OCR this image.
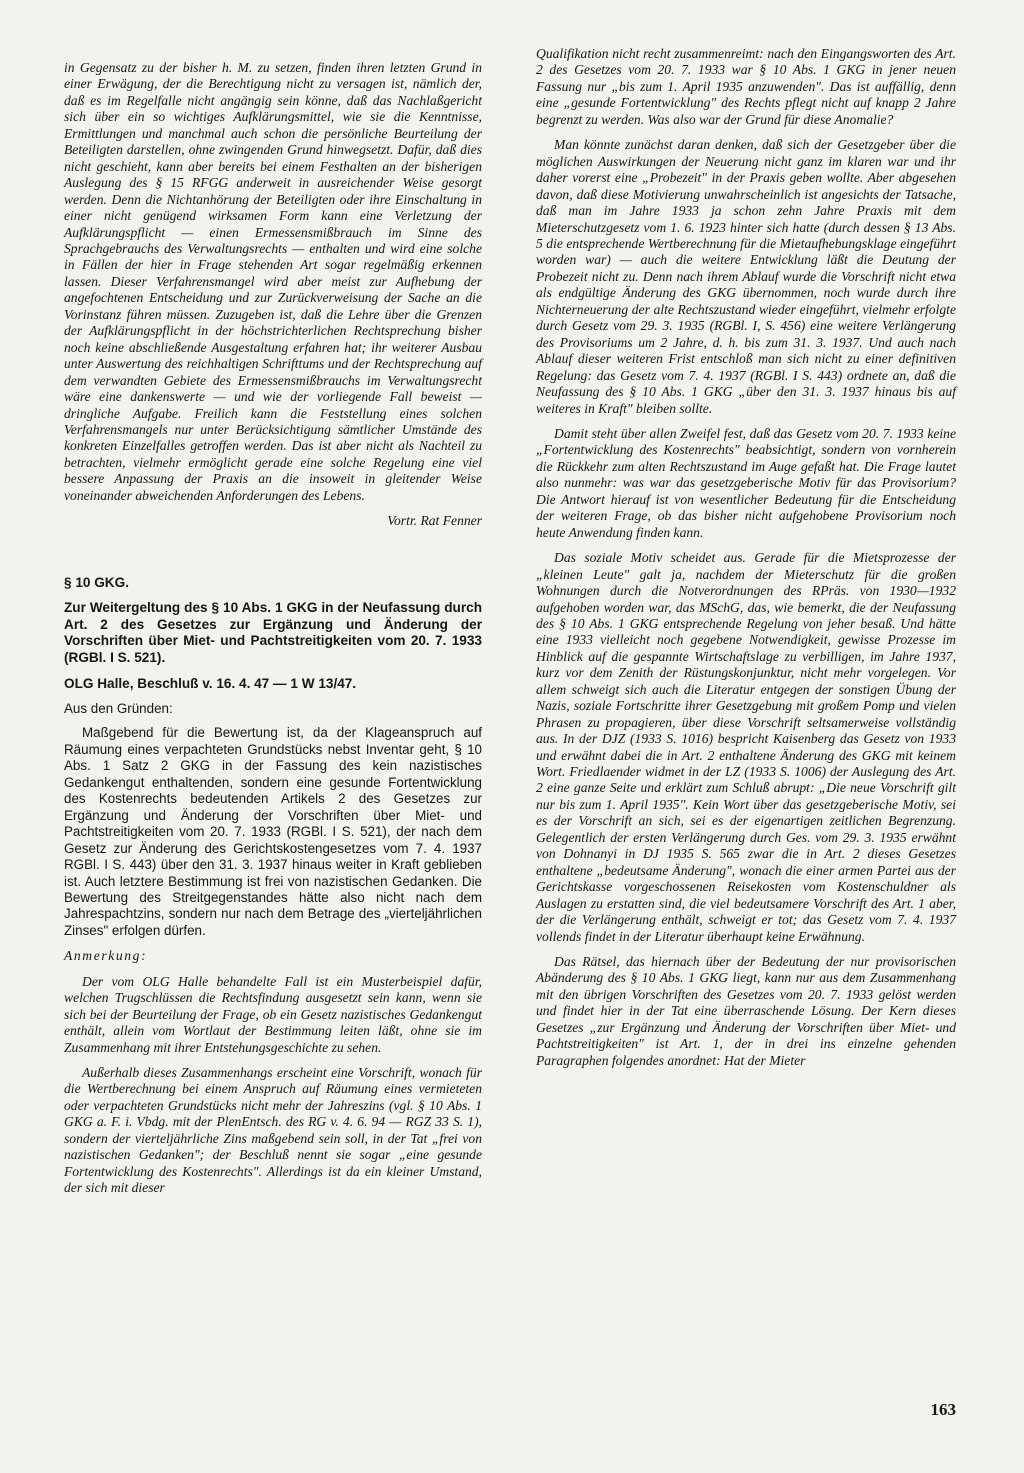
in Gegensatz zu der bisher h. M. zu setzen, finden ihren letzten Grund in einer Erwägung, der die Berechtigung nicht zu versagen ist, nämlich der, daß es im Regelfalle nicht angängig sein könne, daß das Nachlaßgericht sich über ein so wichtiges Aufklärungsmittel, wie sie die Kenntnisse, Ermittlungen und manchmal auch schon die persönliche Beurteilung der Beteiligten darstellen, ohne zwingenden Grund hinwegsetzt. Dafür, daß dies nicht geschieht, kann aber bereits bei einem Festhalten an der bisherigen Auslegung des § 15 RFGG anderweit in ausreichender Weise gesorgt werden. Denn die Nichtanhörung der Beteiligten oder ihre Einschaltung in einer nicht genügend wirksamen Form kann eine Verletzung der Aufklärungspflicht — einen Ermessensmißbrauch im Sinne des Sprachgebrauchs des Verwaltungsrechts — enthalten und wird eine solche in Fällen der hier in Frage stehenden Art sogar regelmäßig erkennen lassen. Dieser Verfahrensmangel wird aber meist zur Aufhebung der angefochtenen Entscheidung und zur Zurückverweisung der Sache an die Vorinstanz führen müssen. Zuzugeben ist, daß die Lehre über die Grenzen der Aufklärungspflicht in der höchstrichterlichen Rechtsprechung bisher noch keine abschließende Ausgestaltung erfahren hat; ihr weiterer Ausbau unter Auswertung des reichhaltigen Schrifttums und der Rechtsprechung auf dem verwandten Gebiete des Ermessensmißbrauchs im Verwaltungsrecht wäre eine dankenswerte — und wie der vorliegende Fall beweist — dringliche Aufgabe. Freilich kann die Feststellung eines solchen Verfahrensmangels nur unter Berücksichtigung sämtlicher Umstände des konkreten Einzelfalles getroffen werden. Das ist aber nicht als Nachteil zu betrachten, vielmehr ermöglicht gerade eine solche Regelung eine viel bessere Anpassung der Praxis an die insoweit in gleitender Weise voneinander abweichenden Anforderungen des Lebens.

Vortr. Rat Fenner

§ 10 GKG.

Zur Weitergeltung des § 10 Abs. 1 GKG in der Neufassung durch Art. 2 des Gesetzes zur Ergänzung und Änderung der Vorschriften über Miet- und Pachtstreitigkeiten vom 20. 7. 1933 (RGBl. I S. 521).

OLG Halle, Beschluß v. 16. 4. 47 — 1 W 13/47.

Aus den Gründen:

Maßgebend für die Bewertung ist, da der Klageanspruch auf Räumung eines verpachteten Grundstücks nebst Inventar geht, § 10 Abs. 1 Satz 2 GKG in der Fassung des kein nazistisches Gedankengut enthaltenden, sondern eine gesunde Fortentwicklung des Kostenrechts bedeutenden Artikels 2 des Gesetzes zur Ergänzung und Änderung der Vorschriften über Miet- und Pachtstreitigkeiten vom 20. 7. 1933 (RGBl. I S. 521), der nach dem Gesetz zur Änderung des Gerichtskostengesetzes vom 7. 4. 1937 RGBl. I S. 443) über den 31. 3. 1937 hinaus weiter in Kraft geblieben ist. Auch letztere Bestimmung ist frei von nazistischen Gedanken. Die Bewertung des Streitgegenstandes hätte also nicht nach dem Jahrespachtzins, sondern nur nach dem Betrage des „vierteljährlichen Zinses" erfolgen dürfen.

Anmerkung:

Der vom OLG Halle behandelte Fall ist ein Musterbeispiel dafür, welchen Trugschlüssen die Rechtsfindung ausgesetzt sein kann, wenn sie sich bei der Beurteilung der Frage, ob ein Gesetz nazistisches Gedankengut enthält, allein vom Wortlaut der Bestimmung leiten läßt, ohne sie im Zusammenhang mit ihrer Entstehungsgeschichte zu sehen.

Außerhalb dieses Zusammenhangs erscheint eine Vorschrift, wonach für die Wertberechnung bei einem Anspruch auf Räumung eines vermieteten oder verpachteten Grundstücks nicht mehr der Jahreszins (vgl. § 10 Abs. 1 GKG a. F. i. Vbdg. mit der PlenEntsch. des RG v. 4. 6. 94 — RGZ 33 S. 1), sondern der vierteljährliche Zins maßgebend sein soll, in der Tat „frei von nazistischen Gedanken"; der Beschluß nennt sie sogar „eine gesunde Fortentwicklung des Kostenrechts". Allerdings ist da ein kleiner Umstand, der sich mit dieser

Qualifikation nicht recht zusammenreimt: nach den Eingangsworten des Art. 2 des Gesetzes vom 20. 7. 1933 war § 10 Abs. 1 GKG in jener neuen Fassung nur „bis zum 1. April 1935 anzuwenden". Das ist auffällig, denn eine „gesunde Fortentwicklung" des Rechts pflegt nicht auf knapp 2 Jahre begrenzt zu werden. Was also war der Grund für diese Anomalie?

Man könnte zunächst daran denken, daß sich der Gesetzgeber über die möglichen Auswirkungen der Neuerung nicht ganz im klaren war und ihr daher vorerst eine „Probezeit" in der Praxis geben wollte. Aber abgesehen davon, daß diese Motivierung unwahrscheinlich ist angesichts der Tatsache, daß man im Jahre 1933 ja schon zehn Jahre Praxis mit dem Mieterschutzgesetz vom 1. 6. 1923 hinter sich hatte (durch dessen § 13 Abs. 5 die entsprechende Wertberechnung für die Mietaufhebungsklage eingeführt worden war) — auch die weitere Entwicklung läßt die Deutung der Probezeit nicht zu. Denn nach ihrem Ablauf wurde die Vorschrift nicht etwa als endgültige Änderung des GKG übernommen, noch wurde durch ihre Nichterneuerung der alte Rechtszustand wieder eingeführt, vielmehr erfolgte durch Gesetz vom 29. 3. 1935 (RGBl. I, S. 456) eine weitere Verlängerung des Provisoriums um 2 Jahre, d. h. bis zum 31. 3. 1937. Und auch nach Ablauf dieser weiteren Frist entschloß man sich nicht zu einer definitiven Regelung: das Gesetz vom 7. 4. 1937 (RGBl. I S. 443) ordnete an, daß die Neufassung des § 10 Abs. 1 GKG „über den 31. 3. 1937 hinaus bis auf weiteres in Kraft" bleiben sollte.

Damit steht über allen Zweifel fest, daß das Gesetz vom 20. 7. 1933 keine „Fortentwicklung des Kostenrechts" beabsichtigt, sondern von vornherein die Rückkehr zum alten Rechtszustand im Auge gefaßt hat. Die Frage lautet also nunmehr: was war das gesetzgeberische Motiv für das Provisorium? Die Antwort hierauf ist von wesentlicher Bedeutung für die Entscheidung der weiteren Frage, ob das bisher nicht aufgehobene Provisorium noch heute Anwendung finden kann.

Das soziale Motiv scheidet aus. Gerade für die Mietsprozesse der „kleinen Leute" galt ja, nachdem der Mieterschutz für die großen Wohnungen durch die Notverordnungen des RPräs. von 1930—1932 aufgehoben worden war, das MSchG, das, wie bemerkt, die der Neufassung des § 10 Abs. 1 GKG entsprechende Regelung von jeher besaß. Und hätte eine 1933 vielleicht noch gegebene Notwendigkeit, gewisse Prozesse im Hinblick auf die gespannte Wirtschaftslage zu verbilligen, im Jahre 1937, kurz vor dem Zenith der Rüstungskonjunktur, nicht mehr vorgelegen. Vor allem schweigt sich auch die Literatur entgegen der sonstigen Übung der Nazis, soziale Fortschritte ihrer Gesetzgebung mit großem Pomp und vielen Phrasen zu propagieren, über diese Vorschrift seltsamerweise vollständig aus. In der DJZ (1933 S. 1016) bespricht Kaisenberg das Gesetz von 1933 und erwähnt dabei die in Art. 2 enthaltene Änderung des GKG mit keinem Wort. Friedlaender widmet in der LZ (1933 S. 1006) der Auslegung des Art. 2 eine ganze Seite und erklärt zum Schluß abrupt: „Die neue Vorschrift gilt nur bis zum 1. April 1935". Kein Wort über das gesetzgeberische Motiv, sei es der Vorschrift an sich, sei es der eigenartigen zeitlichen Begrenzung. Gelegentlich der ersten Verlängerung durch Ges. vom 29. 3. 1935 erwähnt von Dohnanyi in DJ 1935 S. 565 zwar die in Art. 2 dieses Gesetzes enthaltene „bedeutsame Änderung", wonach die einer armen Partei aus der Gerichtskasse vorgeschossenen Reisekosten vom Kostenschuldner als Auslagen zu erstatten sind, die viel bedeutsamere Vorschrift des Art. 1 aber, der die Verlängerung enthält, schweigt er tot; das Gesetz vom 7. 4. 1937 vollends findet in der Literatur überhaupt keine Erwähnung.

Das Rätsel, das hiernach über der Bedeutung der nur provisorischen Abänderung des § 10 Abs. 1 GKG liegt, kann nur aus dem Zusammenhang mit den übrigen Vorschriften des Gesetzes vom 20. 7. 1933 gelöst werden und findet hier in der Tat eine überraschende Lösung. Der Kern dieses Gesetzes „zur Ergänzung und Änderung der Vorschriften über Miet- und Pachtstreitigkeiten" ist Art. 1, der in drei ins einzelne gehenden Paragraphen folgendes anordnet: Hat der Mieter

163
